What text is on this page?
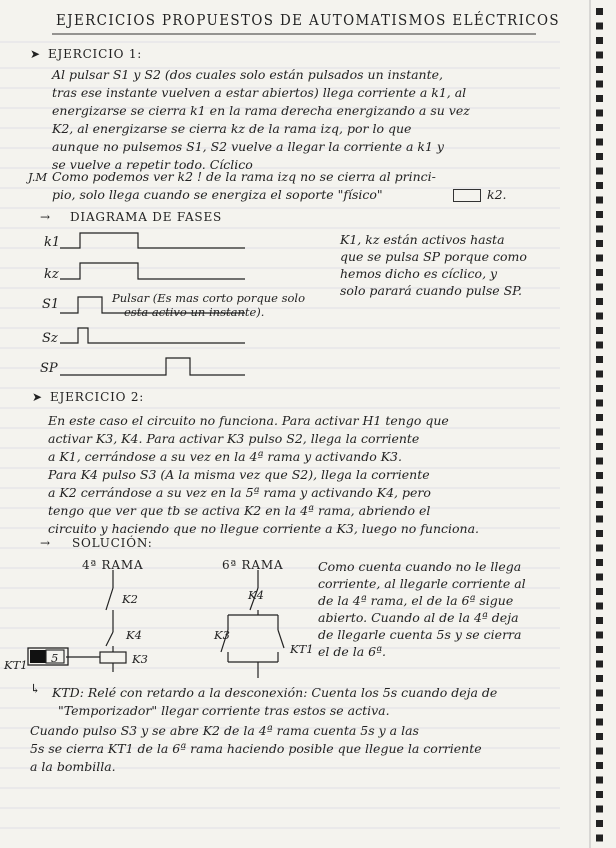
EJERCICIOS PROPUESTOS DE AUTOMATISMOS ELÉCTRICOS
➤ EJERCICIO 1:
Al pulsar S1 y S2 (dos cuales solo están pulsados un instante,
tras ese instante vuelven a estar abiertos) llega corriente a k1, al
energizarse se cierra k1 en la rama derecha energizando a su vez
K2, al energizarse se cierra kz de la rama izq, por lo que
aunque no pulsemos S1, S2 vuelve a llegar la corriente a k1 y
se vuelve a repetir todo. Cíclico
J.M Como podemos ver k2 ! de la rama izq no se cierra al princi-
pio, solo llega cuando se energiza el soporte "físico"	k2.
→ DIAGRAMA DE FASES
k1
kz
S1
Sz
SP
Pulsar (Es mas corto porque solo
esta activo un instante).
K1, kz están activos hasta
que se pulsa SP porque como
hemos dicho es cíclico, y
solo parará cuando pulse SP.
➤ EJERCICIO 2:
En este caso el circuito no funciona. Para activar H1 tengo que
activar K3, K4. Para activar K3 pulso S2, llega la corriente
a K1, cerrándose a su vez en la 4ª rama y activando K3.
Para K4 pulso S3 (A la misma vez que S2), llega la corriente
a K2 cerrándose a su vez en la 5ª rama y activando K4, pero
tengo que ver que tb se activa K2 en la 4ª rama, abriendo el
circuito y haciendo que no llegue corriente a K3, luego no funciona.
→ SOLUCIÓN:
4ª RAMA	6ª RAMA
K2	K4
K4
K3
K3
KT1
KT1 5
Como cuenta cuando no le llega
corriente, al llegarle corriente al
de la 4ª rama, el de la 6ª sigue
abierto. Cuando al de la 4ª deja
de llegarle cuenta 5s y se cierra
el de la 6ª.
↳ KTD: Relé con retardo a la desconexión: Cuenta los 5s cuando deja de
"Temporizador" llegar corriente tras estos se activa.
Cuando pulso S3 y se abre K2 de la 4ª rama cuenta 5s y a las
5s se cierra KT1 de la 6ª rama haciendo posible que llegue la corriente
a la bombilla.
